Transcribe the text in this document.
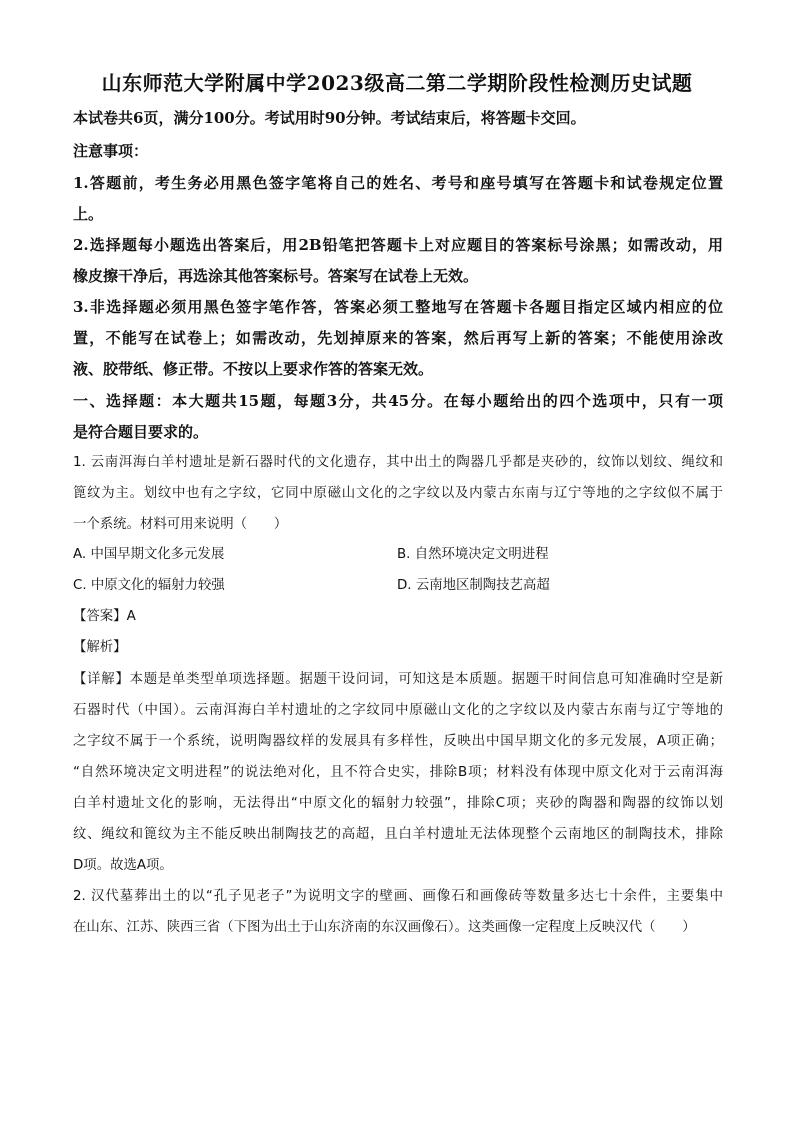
山东师范大学附属中学2023级高二第二学期阶段性检测历史试题
本试卷共6页，满分100分。考试用时90分钟。考试结束后，将答题卡交回。
注意事项：
1.答题前，考生务必用黑色签字笔将自己的姓名、考号和座号填写在答题卡和试卷规定位置
上。
2.选择题每小题选出答案后，用2B铅笔把答题卡上对应题目的答案标号涂黑；如需改动，用
橡皮擦干净后，再选涂其他答案标号。答案写在试卷上无效。
3.非选择题必须用黑色签字笔作答，答案必须工整地写在答题卡各题目指定区域内相应的位
置，不能写在试卷上；如需改动，先划掉原来的答案，然后再写上新的答案；不能使用涂改
液、胶带纸、修正带。不按以上要求作答的答案无效。
一、选择题：本大题共15题，每题3分，共45分。在每小题给出的四个选项中，只有一项
是符合题目要求的。
1. 云南洱海白羊村遗址是新石器时代的文化遗存，其中出土的陶器几乎都是夹砂的，纹饰以划纹、绳纹和
篦纹为主。划纹中也有之字纹，它同中原磁山文化的之字纹以及内蒙古东南与辽宁等地的之字纹似不属于
一个系统。材料可用来说明（　　）
A. 中国早期文化多元发展	B. 自然环境决定文明进程
C. 中原文化的辐射力较强	D. 云南地区制陶技艺高超
【答案】A
【解析】
【详解】本题是单类型单项选择题。据题干设问词，可知这是本质题。据题干时间信息可知准确时空是新
石器时代（中国）。云南洱海白羊村遗址的之字纹同中原磁山文化的之字纹以及内蒙古东南与辽宁等地的
之字纹不属于一个系统，说明陶器纹样的发展具有多样性，反映出中国早期文化的多元发展，A项正确；
“自然环境决定文明进程”的说法绝对化，且不符合史实，排除B项；材料没有体现中原文化对于云南洱海
白羊村遗址文化的影响，无法得出“中原文化的辐射力较强”，排除C项；夹砂的陶器和陶器的纹饰以划
纹、绳纹和篦纹为主不能反映出制陶技艺的高超，且白羊村遗址无法体现整个云南地区的制陶技术，排除
D项。故选A项。
2. 汉代墓葬出土的以“孔子见老子”为说明文字的壁画、画像石和画像砖等数量多达七十余件，主要集中
在山东、江苏、陕西三省（下图为出土于山东济南的东汉画像石）。这类画像一定程度上反映汉代（　　）
